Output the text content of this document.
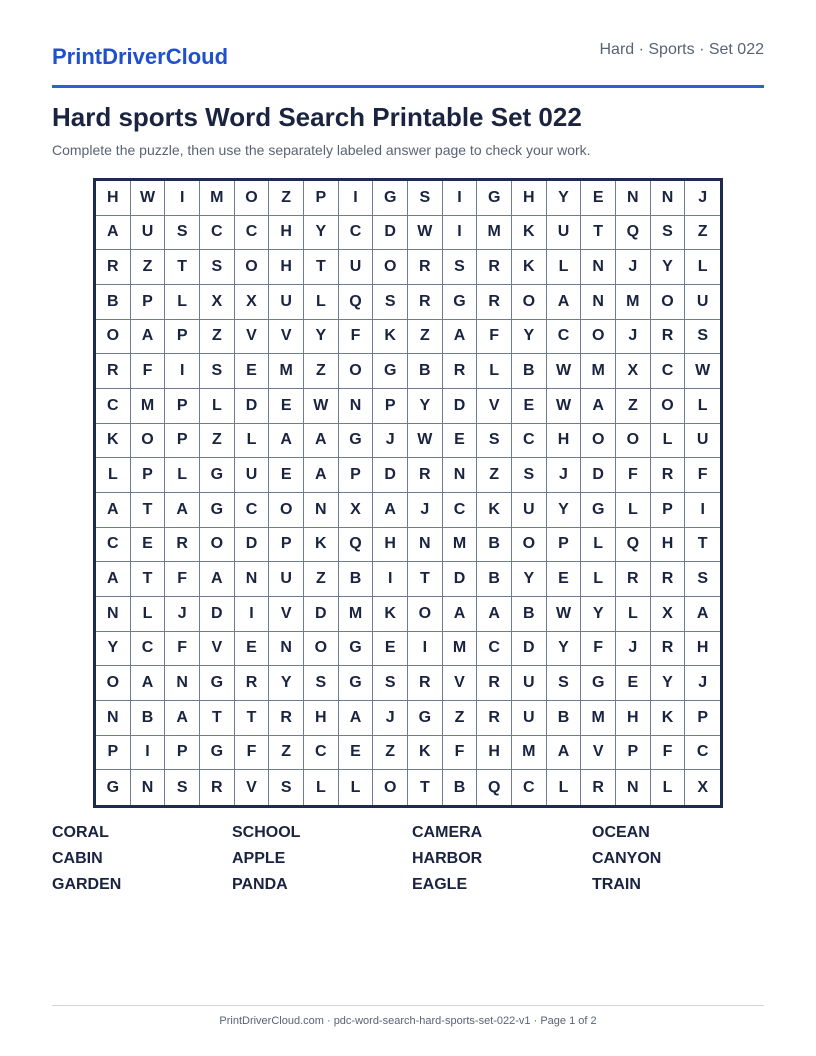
PrintDriverCloud	Hard · Sports · Set 022
Hard sports Word Search Printable Set 022
Complete the puzzle, then use the separately labeled answer page to check your work.
H	W	I	M	O	Z	P	I	G	S	I	G	H	Y	E	N	N	J
A	U	S	C	C	H	Y	C	D	W	I	M	K	U	T	Q	S	Z
R	Z	T	S	O	H	T	U	O	R	S	R	K	L	N	J	Y	L
B	P	L	X	X	U	L	Q	S	R	G	R	O	A	N	M	O	U
O	A	P	Z	V	V	Y	F	K	Z	A	F	Y	C	O	J	R	S
R	F	I	S	E	M	Z	O	G	B	R	L	B	W	M	X	C	W
C	M	P	L	D	E	W	N	P	Y	D	V	E	W	A	Z	O	L
K	O	P	Z	L	A	A	G	J	W	E	S	C	H	O	O	L	U
L	P	L	G	U	E	A	P	D	R	N	Z	S	J	D	F	R	F
A	T	A	G	C	O	N	X	A	J	C	K	U	Y	G	L	P	I
C	E	R	O	D	P	K	Q	H	N	M	B	O	P	L	Q	H	T
A	T	F	A	N	U	Z	B	I	T	D	B	Y	E	L	R	R	S
N	L	J	D	I	V	D	M	K	O	A	A	B	W	Y	L	X	A
Y	C	F	V	E	N	O	G	E	I	M	C	D	Y	F	J	R	H
O	A	N	G	R	Y	S	G	S	R	V	R	U	S	G	E	Y	J
N	B	A	T	T	R	H	A	J	G	Z	R	U	B	M	H	K	P
P	I	P	G	F	Z	C	E	Z	K	F	H	M	A	V	P	F	C
G	N	S	R	V	S	L	L	O	T	B	Q	C	L	R	N	L	X
CORAL	SCHOOL	CAMERA	OCEAN
CABIN	APPLE	HARBOR	CANYON
GARDEN	PANDA	EAGLE	TRAIN
PrintDriverCloud.com · pdc-word-search-hard-sports-set-022-v1 · Page 1 of 2
